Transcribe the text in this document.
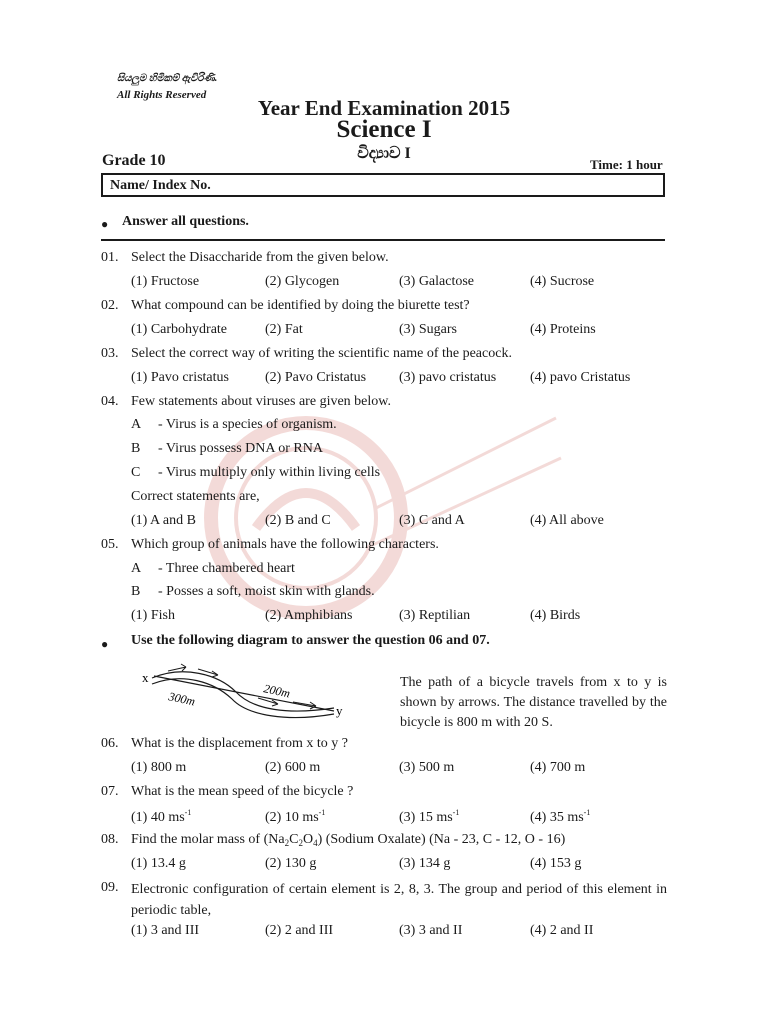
සියලුම හිමිකම් ඇවිරිණි.
All Rights Reserved
Year End Examination 2015
Science I
Grade 10	විද්‍යාව I
Time: 1 hour
Name/ Index No.
● Answer all questions.
01. Select the Disaccharide from the given below.
(1) Fructose	(2) Glycogen	(3) Galactose	(4) Sucrose
02. What compound can be identified by doing the biurette test?
(1) Carbohydrate	(2) Fat	(3) Sugars	(4) Proteins
03. Select the correct way of writing the scientific name of the peacock.
(1) Pavo cristatus	(2) Pavo Cristatus (3) pavo cristatus (4) pavo Cristatus
04. Few statements about viruses are given below.
A - Virus is a species of organism.
B - Virus possess DNA or RNA
C - Virus multiply only within living cells
Correct statements are,
(1) A and B	(2) B and C	(3) C and A	(4) All above
05. Which group of animals have the following characters.
A - Three chambered heart
B - Posses a soft, moist skin with glands.
(1) Fish	(2) Amphibians	(3) Reptilian	(4) Birds
● Use the following diagram to answer the question 06 and 07.
x
y
300m	200m	The path of a bicycle travels from x to y is shown by arrows. The distance travelled by the bicycle is 800 m with 20 S.
06. What is the displacement from x to y ?
(1) 800 m	(2) 600 m	(3) 500 m	(4) 700 m
07. What is the mean speed of the bicycle ?
(1) 40 $ms^{-1}$	(2) 10 $ms^{-1}$	(3) 15 $ms^{-1}$	(4) 35 $ms^{-1}$
08. Find the molar mass of $(Na_2C_2O_4)$ (Sodium Oxalate) (Na - 23, C - 12, O - 16)
(1) 13.4 g	(2) 130 g	(3) 134 g	(4) 153 g
09. Electronic configuration of certain element is 2, 8, 3. The group and period of this element in periodic table,
(1) 3 and III	(2) 2 and III	(3) 3 and II	(4) 2 and II
